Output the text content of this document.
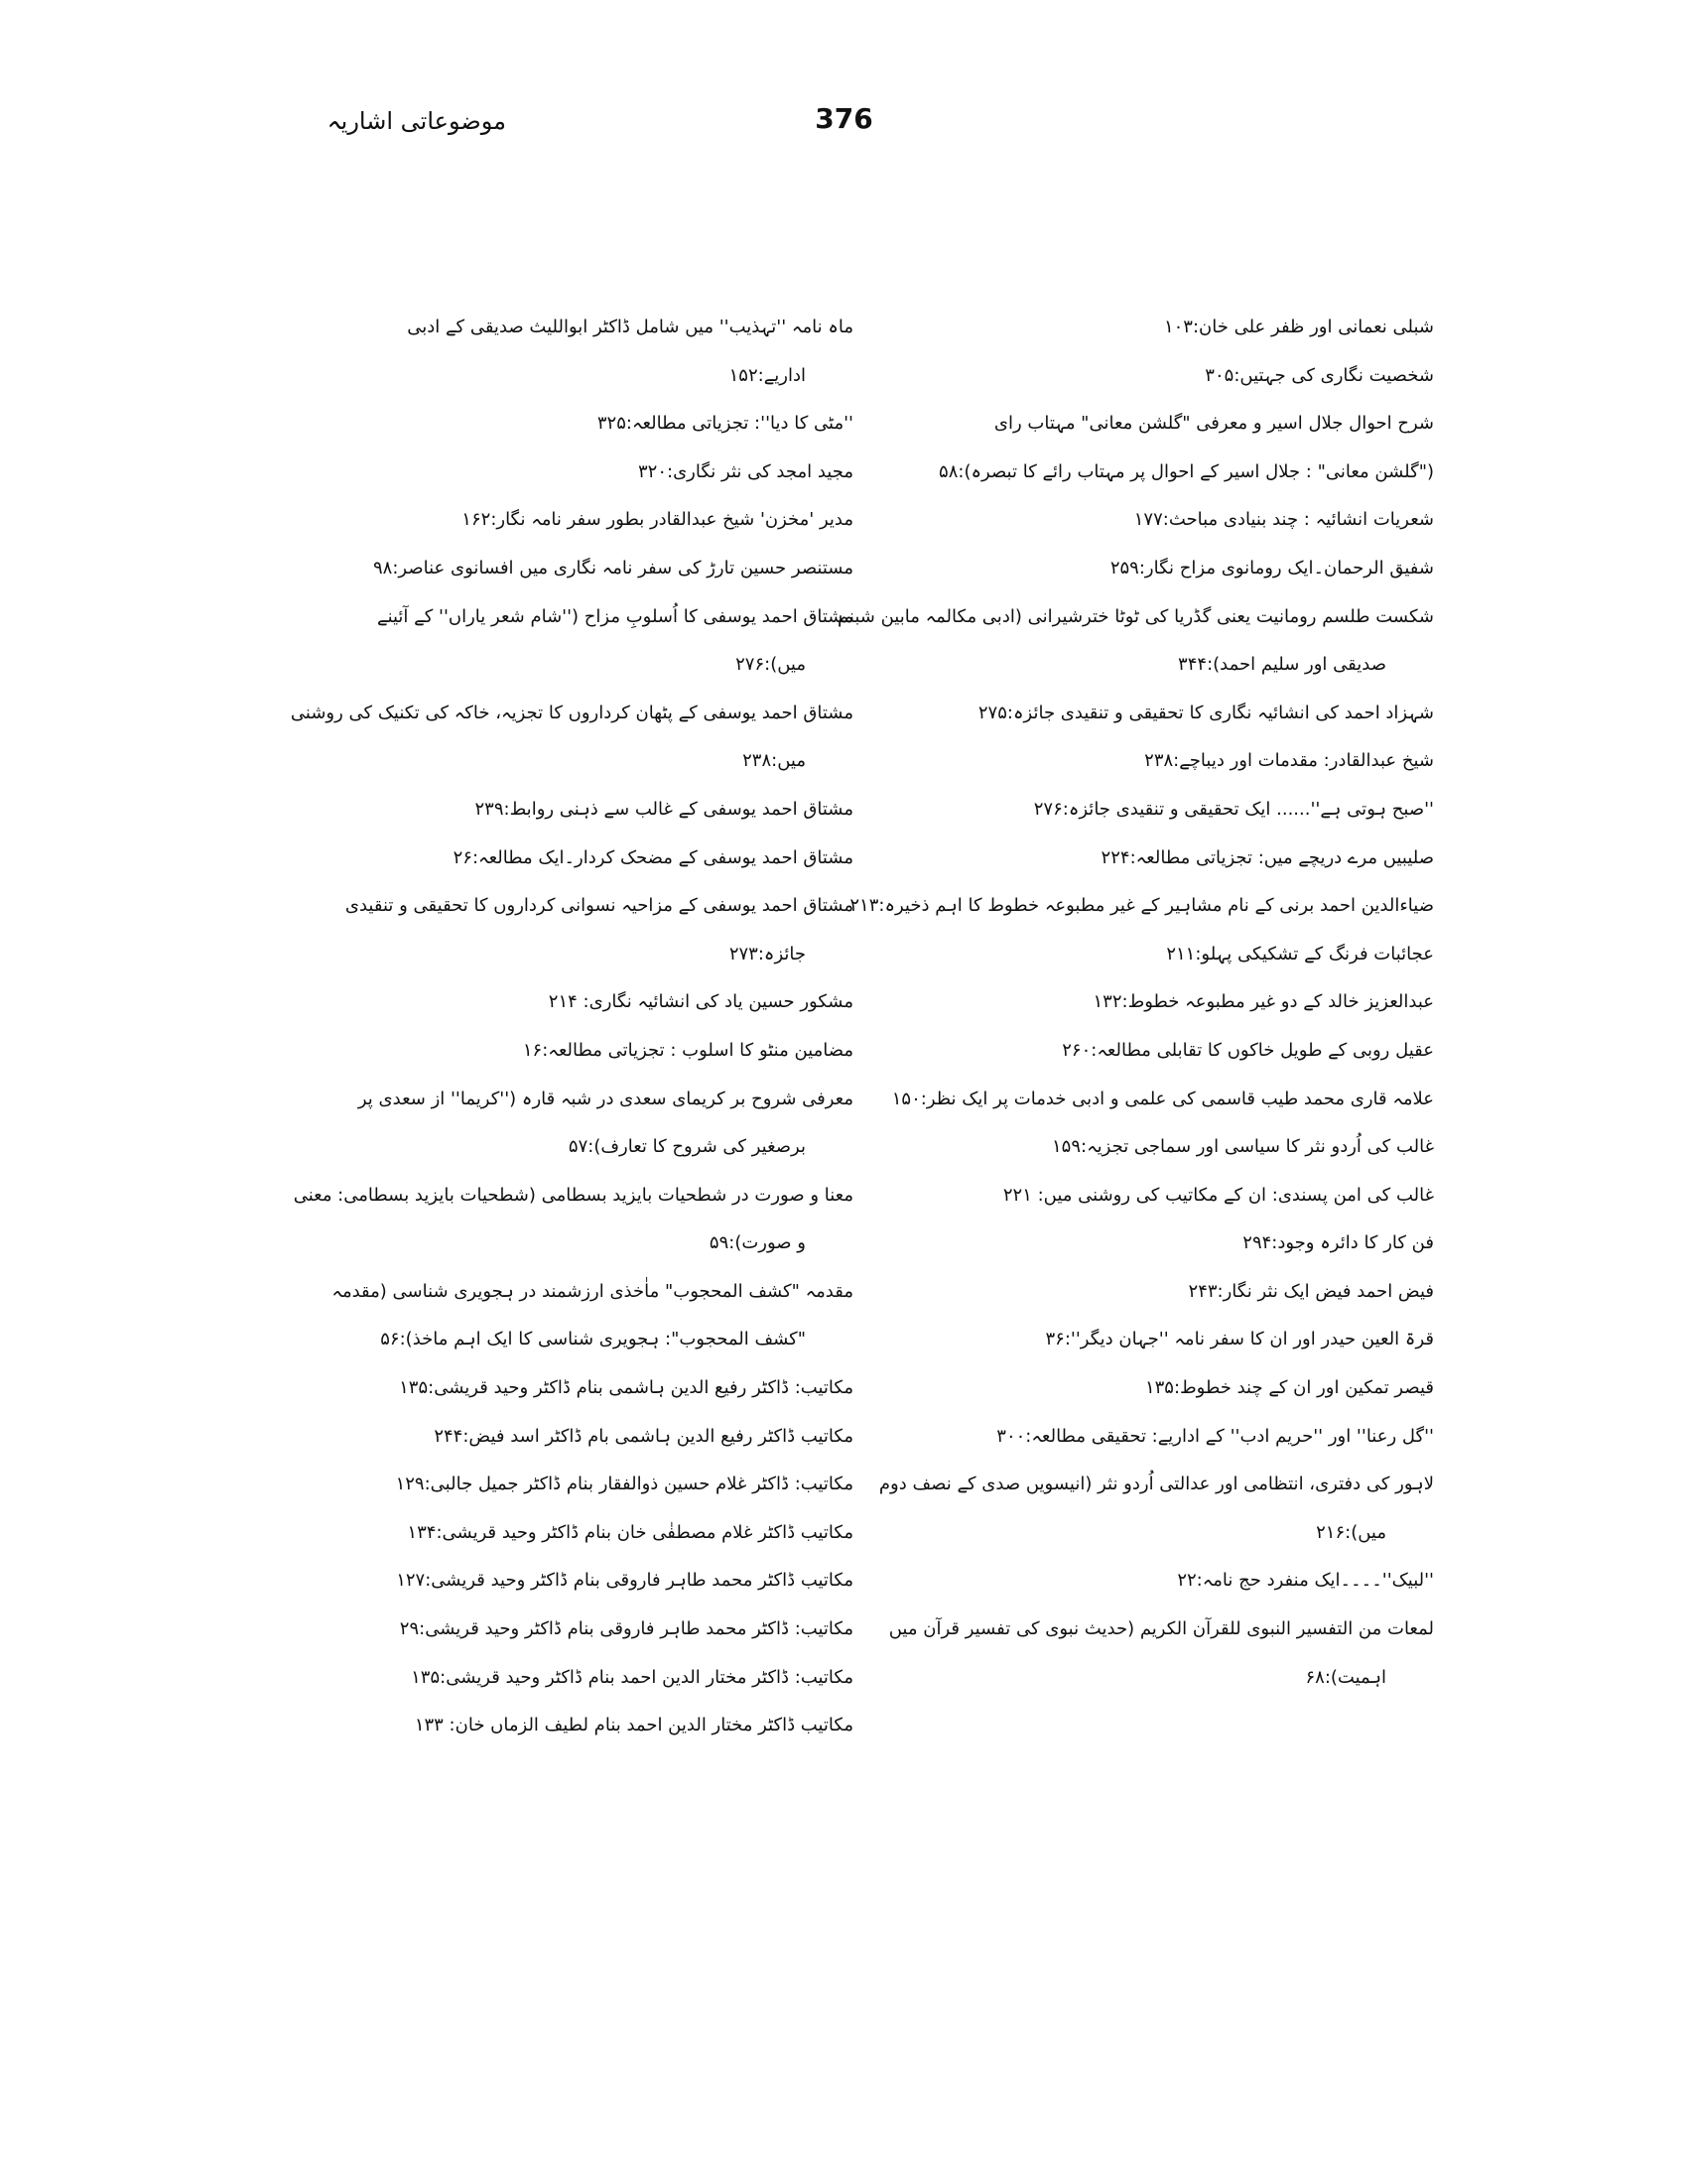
376
موضوعاتی اشاریہ
شبلی نعمانی اور ظفر علی خان:۱۰۳
شخصیت نگاری کی جہتیں:۳۰۵
شرح احوال جلال اسیر و معرفی "گلشن معانی" مہتاب رای
("گلشن معانی" : جلال اسیر کے احوال پر مہتاب رائے کا تبصرہ):۵۸
شعریات انشائیہ : چند بنیادی مباحث:۱۷۷
شفیق الرحمان۔ایک رومانوی مزاح نگار:۲۵۹
شکست طلسم رومانیت یعنی گڈریا کی ٹوٹا خترشیرانی (ادبی مکالمہ مابین شبنم
صدیقی اور سلیم احمد):۳۴۴
شہزاد احمد کی انشائیہ نگاری کا تحقیقی و تنقیدی جائزہ:۲۷۵
شیخ عبدالقادر: مقدمات اور دیباچے:۲۳۸
''صبح ہوتی ہے''...... ایک تحقیقی و تنقیدی جائزہ:۲۷۶
صلیبیں مرے دریچے میں: تجزیاتی مطالعہ:۲۲۴
ضیاءالدین احمد برنی کے نام مشاہیر کے غیر مطبوعہ خطوط کا اہم ذخیرہ:۲۱۳
عجائبات فرنگ کے تشکیکی پہلو:۲۱۱
عبدالعزیز خالد کے دو غیر مطبوعہ خطوط:۱۳۲
عقیل روبی کے طویل خاکوں کا تقابلی مطالعہ:۲۶۰
علامہ قاری محمد طیب قاسمی کی علمی و ادبی خدمات پر ایک نظر:۱۵۰
غالب کی اُردو نثر کا سیاسی اور سماجی تجزیہ:۱۵۹
غالب کی امن پسندی: ان کے مکاتیب کی روشنی میں: ۲۲۱
فن کار کا دائرہ وجود:۲۹۴
فیض احمد فیض ایک نثر نگار:۲۴۳
قرۃ العین حیدر اور ان کا سفر نامہ ''جہان دیگر'':۳۶
قیصر تمکین اور ان کے چند خطوط:۱۳۵
''گل رعنا'' اور ''حریم ادب'' کے اداریے: تحقیقی مطالعہ:۳۰۰
لاہور کی دفتری، انتظامی اور عدالتی اُردو نثر (انیسویں صدی کے نصف دوم
میں):۲۱۶
''لبیک''۔۔۔۔ایک منفرد حج نامہ:۲۲
لمعات من التفسیر النبوی للقرآن الکریم (حدیث نبوی کی تفسیر قرآن میں
اہمیت):۶۸
ماہ نامہ ''تہذیب'' میں شامل ڈاکٹر ابواللیث صدیقی کے ادبی
اداریے:۱۵۲
''مٹی کا دیا'': تجزیاتی مطالعہ:۳۲۵
مجید امجد کی نثر نگاری:۳۲۰
مدیر 'مخزن' شیخ عبدالقادر بطور سفر نامہ نگار:۱۶۲
مستنصر حسین تارڑ کی سفر نامہ نگاری میں افسانوی عناصر:۹۸
مشتاق احمد یوسفی کا اُسلوبِ مزاح (''شام شعر یاراں'' کے آئینے
میں):۲۷۶
مشتاق احمد یوسفی کے پٹھان کرداروں کا تجزیہ، خاکہ کی تکنیک کی روشنی
میں:۲۳۸
مشتاق احمد یوسفی کے غالب سے ذہنی روابط:۲۳۹
مشتاق احمد یوسفی کے مضحک کردار۔ایک مطالعہ:۲۶
مشتاق احمد یوسفی کے مزاحیہ نسوانی کرداروں کا تحقیقی و تنقیدی
جائزہ:۲۷۳
مشکور حسین یاد کی انشائیہ نگاری: ۲۱۴
مضامین منٹو کا اسلوب : تجزیاتی مطالعہ:۱۶
معرفی شروح بر کریمای سعدی در شبہ قارہ (''کریما'' از سعدی پر
برصغیر کی شروح کا تعارف):۵۷
معنا و صورت در شطحیات بایزید بسطامی (شطحیات بایزید بسطامی: معنی
و صورت):۵۹
مقدمہ "کشف المحجوب" ماٰخذی ارزشمند در ہجویری شناسی (مقدمہ
"کشف المحجوب": ہجویری شناسی کا ایک اہم ماخذ):۵۶
مکاتیب: ڈاکٹر رفیع الدین ہاشمی بنام ڈاکٹر وحید قریشی:۱۳۵
مکاتیب ڈاکٹر رفیع الدین ہاشمی بام ڈاکٹر اسد فیض:۲۴۴
مکاتیب: ڈاکٹر غلام حسین ذوالفقار بنام ڈاکٹر جمیل جالبی:۱۲۹
مکاتیب ڈاکٹر غلام مصطفٰی خان بنام ڈاکٹر وحید قریشی:۱۳۴
مکاتیب ڈاکٹر محمد طاہر فاروقی بنام ڈاکٹر وحید قریشی:۱۲۷
مکاتیب: ڈاکٹر محمد طاہر فاروقی بنام ڈاکٹر وحید قریشی:۲۹
مکاتیب: ڈاکٹر مختار الدین احمد بنام ڈاکٹر وحید قریشی:۱۳۵
مکاتیب ڈاکٹر مختار الدین احمد بنام لطیف الزماں خان: ۱۳۳
